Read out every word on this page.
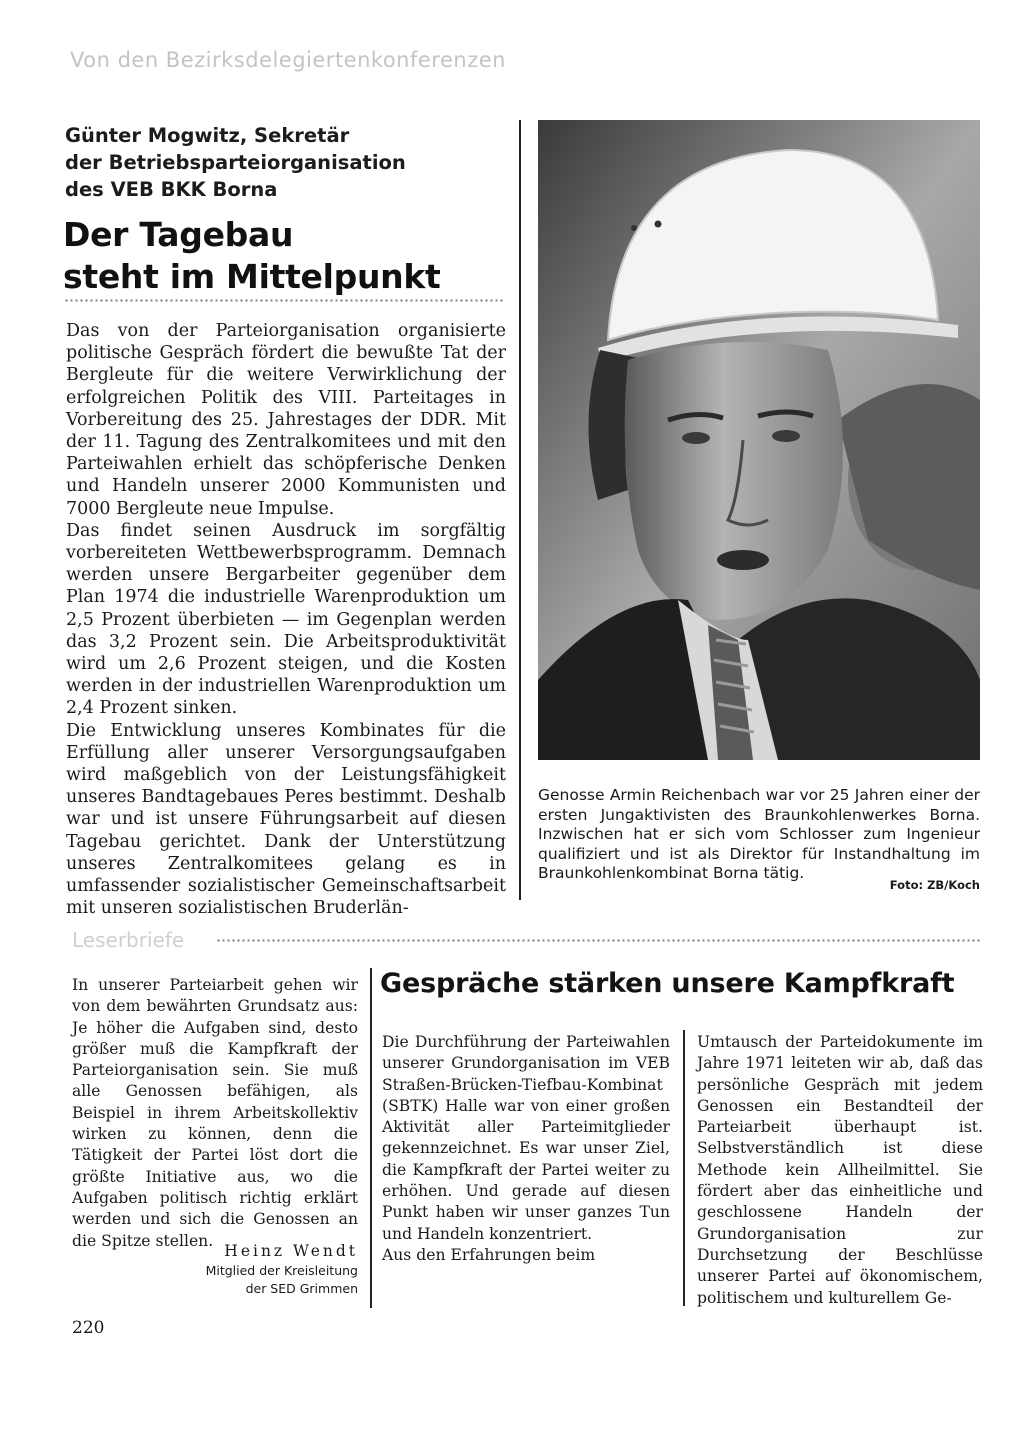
Von den Bezirksdelegiertenkonferenzen
Günter Mogwitz, Sekretär
der Betriebsparteiorganisation
des VEB BKK Borna
Der Tagebau
steht im Mittelpunkt

Das von der Parteiorganisation organisierte politische Gespräch fördert die bewußte Tat der Bergleute für die weitere Verwirklichung der erfolgreichen Politik des VIII. Parteitages in Vorbereitung des 25. Jahrestages der DDR. Mit der 11. Tagung des Zentralkomitees und mit den Parteiwahlen erhielt das schöpferische Denken und Handeln unserer 2000 Kommunisten und 7000 Bergleute neue Impulse.

Das findet seinen Ausdruck im sorgfältig vorbereiteten Wettbewerbsprogramm. Demnach werden unsere Bergarbeiter gegenüber dem Plan 1974 die industrielle Warenproduktion um 2,5 Prozent überbieten — im Gegenplan werden das 3,2 Prozent sein. Die Arbeitsproduktivität wird um 2,6 Prozent steigen, und die Kosten werden in der industriellen Warenproduktion um 2,4 Prozent sinken.

Die Entwicklung unseres Kombinates für die Erfüllung aller unserer Versorgungsaufgaben wird maßgeblich von der Leistungsfähigkeit unseres Bandtagebaues Peres bestimmt. Deshalb war und ist unsere Führungsarbeit auf diesen Tagebau gerichtet. Dank der Unterstützung unseres Zentralkomitees gelang es in umfassender sozialistischer Gemeinschaftsarbeit mit unseren sozialistischen Bruderlän-

Genosse Armin Reichenbach war vor 25 Jahren einer der ersten Jungaktivisten des Braunkohlenwerkes Borna. Inzwischen hat er sich vom Schlosser zum Ingenieur qualifiziert und ist als Direktor für Instandhaltung im Braunkohlenkombinat Borna tätig.
Foto: ZB/Koch
Leserbriefe
In unserer Parteiarbeit gehen wir von dem bewährten Grundsatz aus: Je höher die Aufgaben sind, desto größer muß die Kampfkraft der Parteiorganisation sein. Sie muß alle Genossen befähigen, als Beispiel in ihrem Arbeitskollektiv wirken zu können, denn die Tätigkeit der Partei löst dort die größte Initiative aus, wo die Aufgaben politisch richtig erklärt werden und sich die Genossen an die Spitze stellen.
Heinz Wendt
Mitglied der Kreisleitung
der SED Grimmen
Gespräche stärken unsere Kampfkraft
Die Durchführung der Parteiwahlen unserer Grundorganisation im VEB Straßen-Brücken-Tiefbau-Kombinat (SBTK) Halle war von einer großen Aktivität aller Parteimitglieder gekennzeichnet. Es war unser Ziel, die Kampfkraft der Partei weiter zu erhöhen. Und gerade auf diesen Punkt haben wir unser ganzes Tun und Handeln konzentriert.
Aus den Erfahrungen beim
Umtausch der Parteidokumente im Jahre 1971 leiteten wir ab, daß das persönliche Gespräch mit jedem Genossen ein Bestandteil der Parteiarbeit überhaupt ist. Selbstverständlich ist diese Methode kein Allheilmittel. Sie fördert aber das einheitliche und geschlossene Handeln der Grundorganisation zur Durchsetzung der Beschlüsse unserer Partei auf ökonomischem, politischem und kulturellem Ge-
220
